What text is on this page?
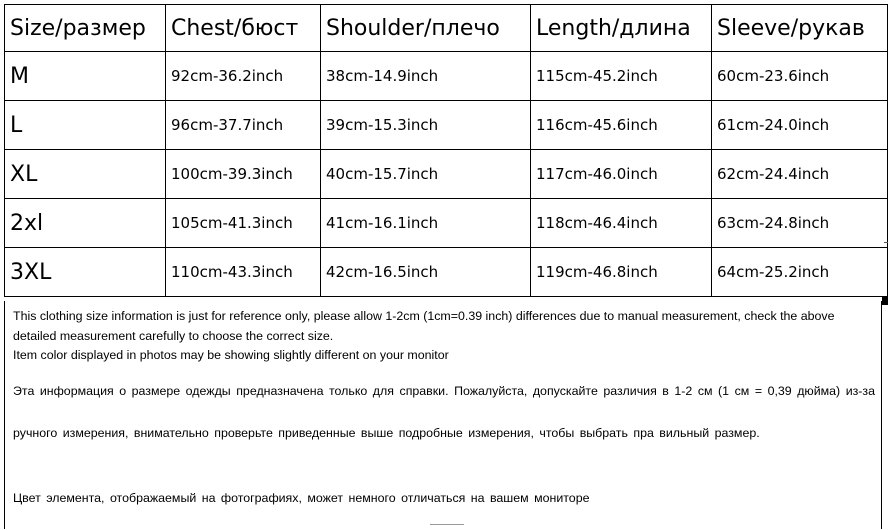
Size/размер	Chest/бюст	Shoulder/плечо	Length/длина	Sleeve/рукав
M	92cm-36.2inch	38cm-14.9inch	115cm-45.2inch	60cm-23.6inch
L	96cm-37.7inch	39cm-15.3inch	116cm-45.6inch	61cm-24.0inch
XL	100cm-39.3inch	40cm-15.7inch	117cm-46.0inch	62cm-24.4inch
2xl	105cm-41.3inch	41cm-16.1inch	118cm-46.4inch	63cm-24.8inch
3XL	110cm-43.3inch	42cm-16.5inch	119cm-46.8inch	64cm-25.2inch

This clothing size information is just for reference only, please allow 1-2cm (1cm=0.39 inch) differences due to manual measurement, check the above detailed measurement carefully to choose the correct size.

Item color displayed in photos may be showing slightly different on your monitor

Эта информация о размере одежды предназначена только для справки. Пожалуйста, допускайте различия в 1-2 см (1 см = 0,39 дюйма) из-за ручного измерения, внимательно проверьте приведенные выше подробные измерения, чтобы выбрать пра вильный размер.

Цвет элемента, отображаемый на фотографиях, может немного отличаться на вашем мониторе
